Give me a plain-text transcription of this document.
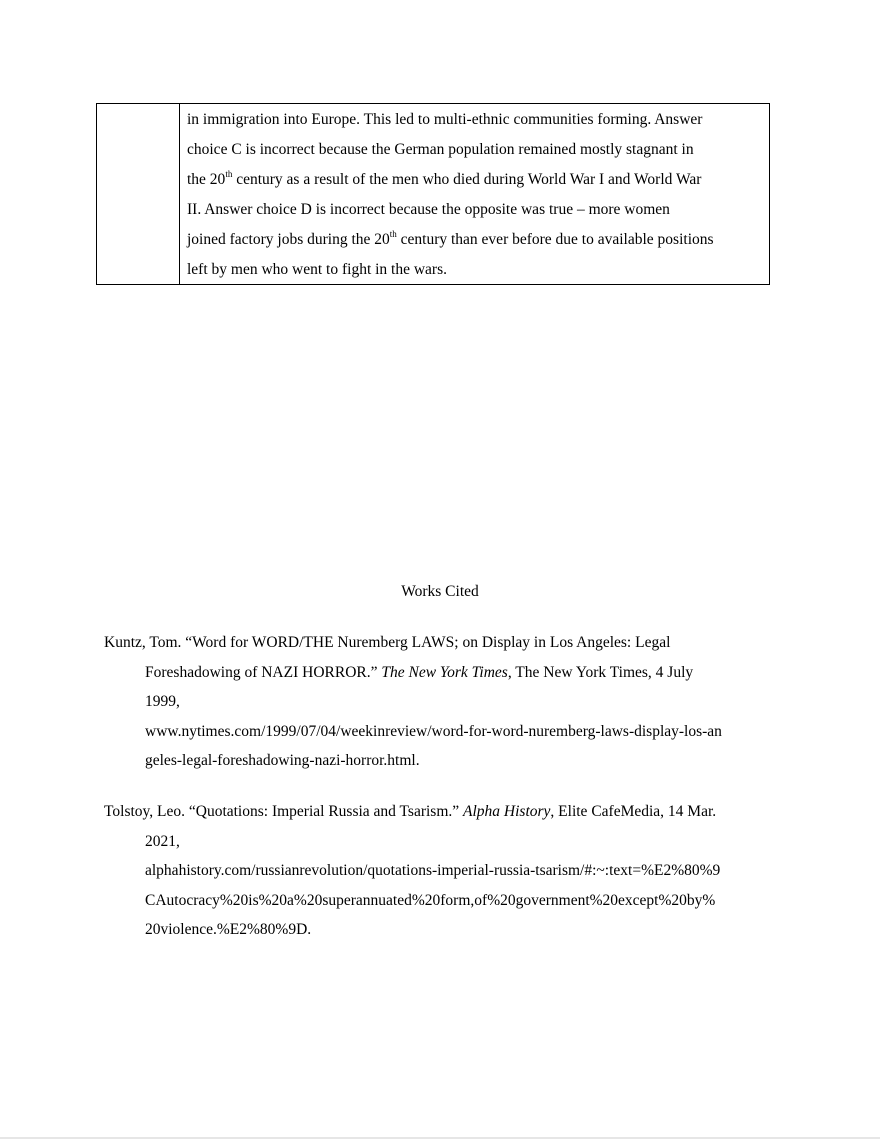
in immigration into Europe. This led to multi-ethnic communities forming. Answer
choice C is incorrect because the German population remained mostly stagnant in
the 20th century as a result of the men who died during World War I and World War
II. Answer choice D is incorrect because the opposite was true – more women
joined factory jobs during the 20th century than ever before due to available positions
left by men who went to fight in the wars.
Works Cited
Kuntz, Tom. “Word for WORD/THE Nuremberg LAWS; on Display in Los Angeles: Legal
Foreshadowing of NAZI HORROR.” The New York Times, The New York Times, 4 July
1999,
www.nytimes.com/1999/07/04/weekinreview/word-for-word-nuremberg-laws-display-los-an
geles-legal-foreshadowing-nazi-horror.html.
Tolstoy, Leo. “Quotations: Imperial Russia and Tsarism.” Alpha History, Elite CafeMedia, 14 Mar.
2021,
alphahistory.com/russianrevolution/quotations-imperial-russia-tsarism/#:~:text=%E2%80%9
CAutocracy%20is%20a%20superannuated%20form,of%20government%20except%20by%
20violence.%E2%80%9D.
